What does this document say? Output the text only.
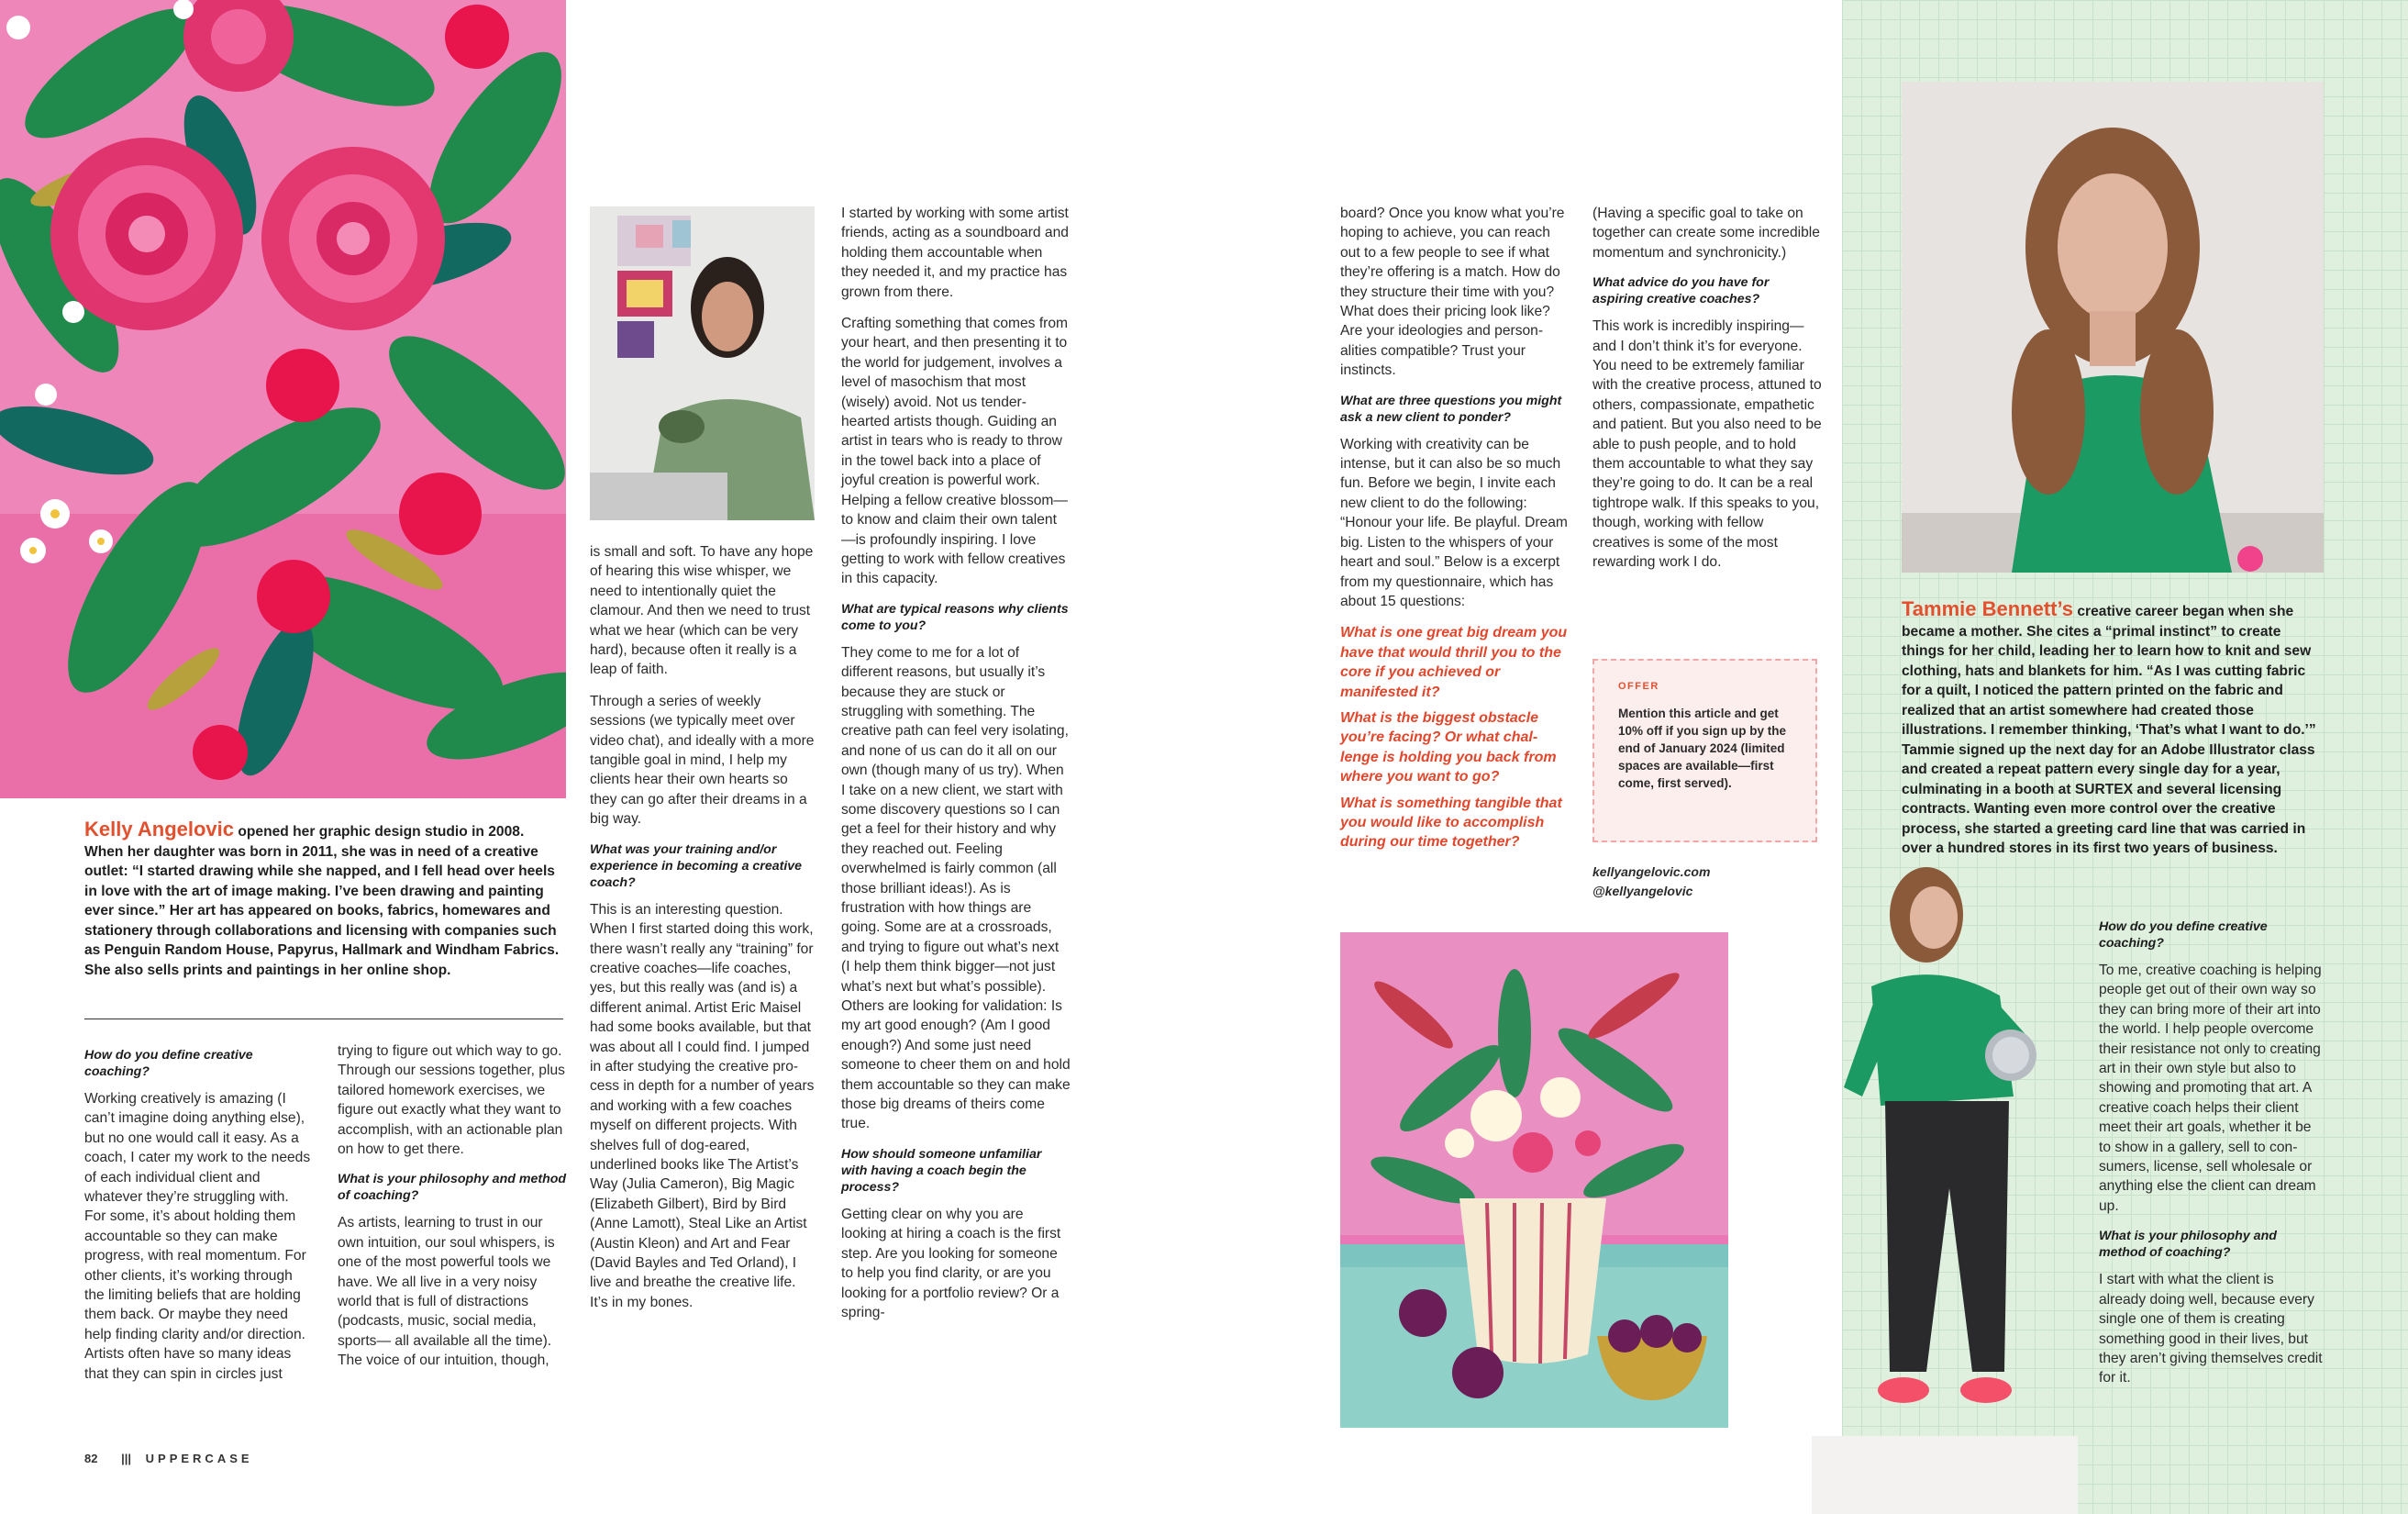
Kelly Angelovic opened her graphic design studio in 2008. When her daughter was born in 2011, she was in need of a creative outlet: “I started drawing while she napped, and I fell head over heels in love with the art of image making. I’ve been drawing and painting ever since.” Her art has appeared on books, fabrics, homewares and stationery through collaborations and licensing with companies such as Penguin Random House, Papyrus, Hallmark and Windham Fabrics. She also sells prints and paintings in her online shop.
How do you define creative coaching?

Working creatively is amazing (I can’t imagine doing anything else), but no one would call it easy. As a coach, I cater my work to the needs of each individual client and whatever they’re struggling with. For some, it’s about holding them accountable so they can make progress, with real momentum. For other clients, it’s working through the limiting beliefs that are holding them back. Or maybe they need help finding clarity and/or direction. Artists often have so many ideas that they can spin in circles just

trying to figure out which way to go. Through our sessions together, plus tailored homework exercises, we figure out exactly what they want to accomplish, with an actionable plan on how to get there.

What is your philosophy and method of coaching?

As artists, learning to trust in our own intuition, our soul whispers, is one of the most powerful tools we have. We all live in a very noisy world that is full of distractions (podcasts, music, social media, sports— all available all the time). The voice of our intuition, though,

is small and soft. To have any hope of hearing this wise whisper, we need to intentionally quiet the clamour. And then we need to trust what we hear (which can be very hard), because often it really is a leap of faith.

Through a series of weekly sessions (we typically meet over video chat), and ideally with a more tangible goal in mind, I help my clients hear their own hearts so they can go after their dreams in a big way.

What was your training and/or experience in becoming a creative coach?

This is an interesting question. When I first started doing this work, there wasn’t really any “training” for creative coaches—life coaches, yes, but this really was (and is) a different animal. Artist Eric Maisel had some books available, but that was about all I could find. I jumped in after studying the creative process in depth for a number of years and working with a few coaches myself on different projects. With shelves full of dog-eared, underlined books like The Artist’s Way (Julia Cameron), Big Magic (Elizabeth Gilbert), Bird by Bird (Anne Lamott), Steal Like an Artist (Austin Kleon) and Art and Fear (David Bayles and Ted Orland), I live and breathe the creative life. It’s in my bones.

I started by working with some artist friends, acting as a soundboard and holding them accountable when they needed it, and my practice has grown from there.

Crafting something that comes from your heart, and then presenting it to the world for judgement, involves a level of masochism that most (wisely) avoid. Not us tender-hearted artists though. Guiding an artist in tears who is ready to throw in the towel back into a place of joyful creation is powerful work. Helping a fellow creative blossom—to know and claim their own talent—is profoundly inspiring. I love getting to work with fellow creatives in this capacity.

What are typical reasons why clients come to you?

They come to me for a lot of different reasons, but usually it’s because they are stuck or struggling with something. The creative path can feel very isolating, and none of us can do it all on our own (though many of us try). When I take on a new client, we start with some discovery questions so I can get a feel for their history and why they reached out. Feeling overwhelmed is fairly common (all those brilliant ideas!). As is frustration with how things are going. Some are at a crossroads, and trying to figure out what’s next (I help them think bigger—not just what’s next but what’s possible). Others are looking for validation: Is my art good enough? (Am I good enough?) And some just need someone to cheer them on and hold them accountable so they can make those big dreams of theirs come true.

How should someone unfamiliar with having a coach begin the process?

Getting clear on why you are looking at hiring a coach is the first step. Are you looking for someone to help you find clarity, or are you looking for a portfolio review? Or a spring-

board? Once you know what you’re hoping to achieve, you can reach out to a few people to see if what they’re offering is a match. How do they structure their time with you? What does their pricing look like? Are your ideologies and personalities compatible? Trust your instincts.

What are three questions you might ask a new client to ponder?

Working with creativity can be intense, but it can also be so much fun. Before we begin, I invite each new client to do the following: “Honour your life. Be playful. Dream big. Listen to the whispers of your heart and soul.” Below is a excerpt from my questionnaire, which has about 15 questions:

What is one great big dream you have that would thrill you to the core if you achieved or manifested it?
What is the biggest obstacle you’re facing? Or what challenge is holding you back from where you want to go?
What is something tangible that you would like to accomplish during our time together?

(Having a specific goal to take on together can create some incredible momentum and synchronicity.)

What advice do you have for aspiring creative coaches?

This work is incredibly inspiring—and I don’t think it’s for everyone. You need to be extremely familiar with the creative process, attuned to others, compassionate, empathetic and patient. But you also need to be able to push people, and to hold them accountable to what they say they’re going to do. It can be a real tightrope walk. If this speaks to you, though, working with fellow creatives is some of the most rewarding work I do.

OFFER
Mention this article and get 10% off if you sign up by the end of January 2024 (limited spaces are available—first come, first served).
kellyangelovic.com
@kellyangelovic
82 ||| UPPERCASE
Tammie Bennett’s creative career began when she became a mother. She cites a “primal instinct” to create things for her child, leading her to learn how to knit and sew clothing, hats and blankets for him. “As I was cutting fabric for a quilt, I noticed the pattern printed on the fabric and realized that an artist somewhere had created those illustrations. I remember thinking, ‘That’s what I want to do.’” Tammie signed up the next day for an Adobe Illustrator class and created a repeat pattern every single day for a year, culminating in a booth at SURTEX and several licensing contracts. Wanting even more control over the creative process, she started a greeting card line that was carried in over a hundred stores in its first two years of business.
How do you define creative coaching?

To me, creative coaching is helping people get out of their own way so they can bring more of their art into the world. I help people overcome their resistance not only to creating art in their own style but also to showing and promoting that art. A creative coach helps their client meet their art goals, whether it be to show in a gallery, sell to consumers, license, sell wholesale or anything else the client can dream up.

What is your philosophy and method of coaching?

I start with what the client is already doing well, because every single one of them is creating something good in their lives, but they aren’t giving themselves credit for it.
